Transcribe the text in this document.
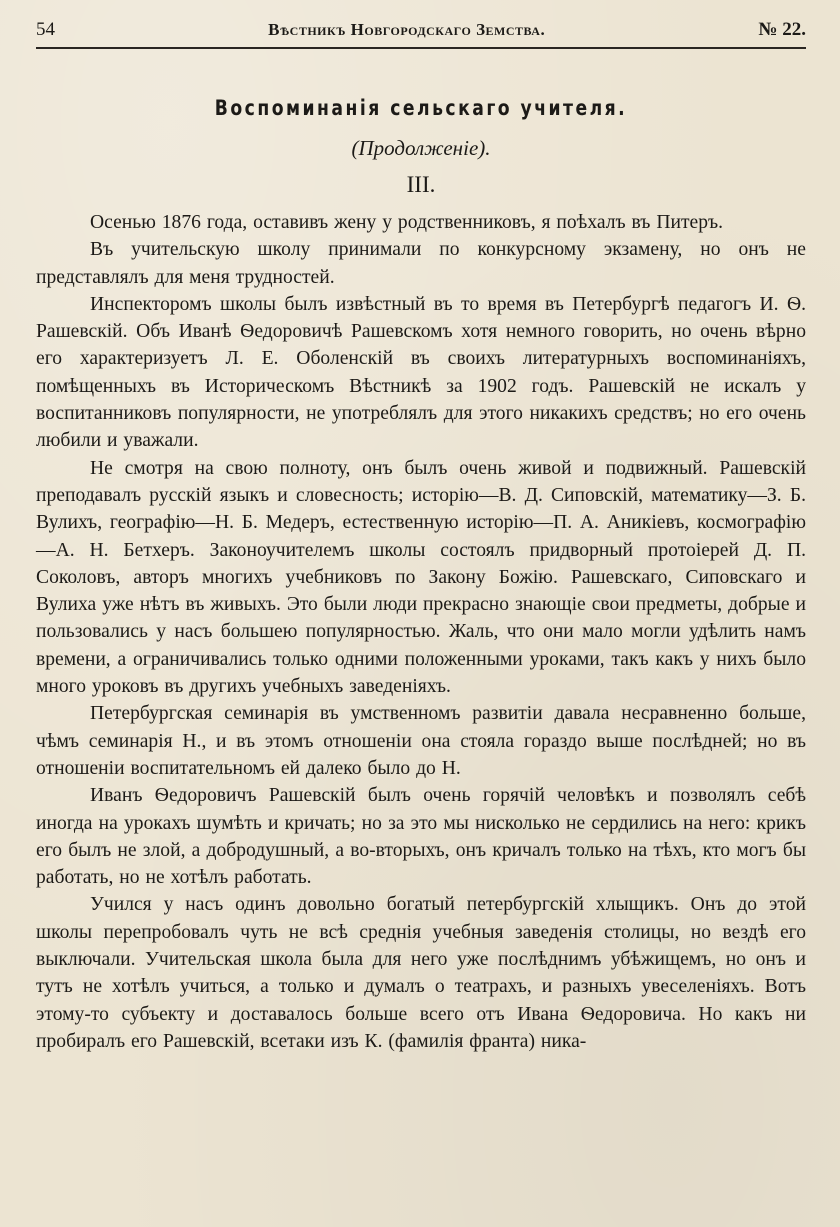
54	Вѣстникъ Новгородскаго Земства.	№ 22.
Воспоминанія сельскаго учителя.
(Продолженіе).
III.

Осенью 1876 года, оставивъ жену у родственниковъ, я поѣхалъ въ Питеръ.

Въ учительскую школу принимали по конкурсному экзамену, но онъ не представлялъ для меня трудностей.

Инспекторомъ школы былъ извѣстный въ то время въ Петербургѣ педагогъ И. Ѳ. Рашевскій. Объ Иванѣ Ѳедоровичѣ Рашевскомъ хотя немного говорить, но очень вѣрно его характеризуетъ Л. Е. Оболенскій въ своихъ литературныхъ воспоминаніяхъ, помѣщенныхъ въ Историческомъ Вѣстникѣ за 1902 годъ. Рашевскій не искалъ у воспитанниковъ популярности, не употреблялъ для этого никакихъ средствъ; но его очень любили и уважали.

Не смотря на свою полноту, онъ былъ очень живой и подвижный. Рашевскій преподавалъ русскій языкъ и словесность; исторію—В. Д. Сиповскій, математику—З. Б. Вулихъ, географію—Н. Б. Медеръ, естественную исторію—П. А. Аникіевъ, космографію—А. Н. Бетхеръ. Законоучителемъ школы состоялъ придворный протоіерей Д. П. Соколовъ, авторъ многихъ учебниковъ по Закону Божію. Рашевскаго, Сиповскаго и Вулиха уже нѣтъ въ живыхъ. Это были люди прекрасно знающіе свои предметы, добрые и пользовались у насъ большею популярностью. Жаль, что они мало могли удѣлить намъ времени, а ограничивались только одними положенными уроками, такъ какъ у нихъ было много уроковъ въ другихъ учебныхъ заведеніяхъ.

Петербургская семинарія въ умственномъ развитіи давала несравненно больше, чѣмъ семинарія Н., и въ этомъ отношеніи она стояла гораздо выше послѣдней; но въ отношеніи воспитательномъ ей далеко было до Н.

Иванъ Ѳедоровичъ Рашевскій былъ очень горячій человѣкъ и позволялъ себѣ иногда на урокахъ шумѣть и кричать; но за это мы нисколько не сердились на него: крикъ его былъ не злой, а добродушный, а во-вторыхъ, онъ кричалъ только на тѣхъ, кто могъ бы работать, но не хотѣлъ работать.

Учился у насъ одинъ довольно богатый петербургскій хлыщикъ. Онъ до этой школы перепробовалъ чуть не всѣ среднія учебныя заведенія столицы, но вездѣ его выключали. Учительская школа была для него уже послѣднимъ убѣжищемъ, но онъ и тутъ не хотѣлъ учиться, а только и думалъ о театрахъ, и разныхъ увеселеніяхъ. Вотъ этому-то субъекту и доставалось больше всего отъ Ивана Ѳедоровича. Но какъ ни пробиралъ его Рашевскій, всетаки изъ К. (фамилія франта) ника-
